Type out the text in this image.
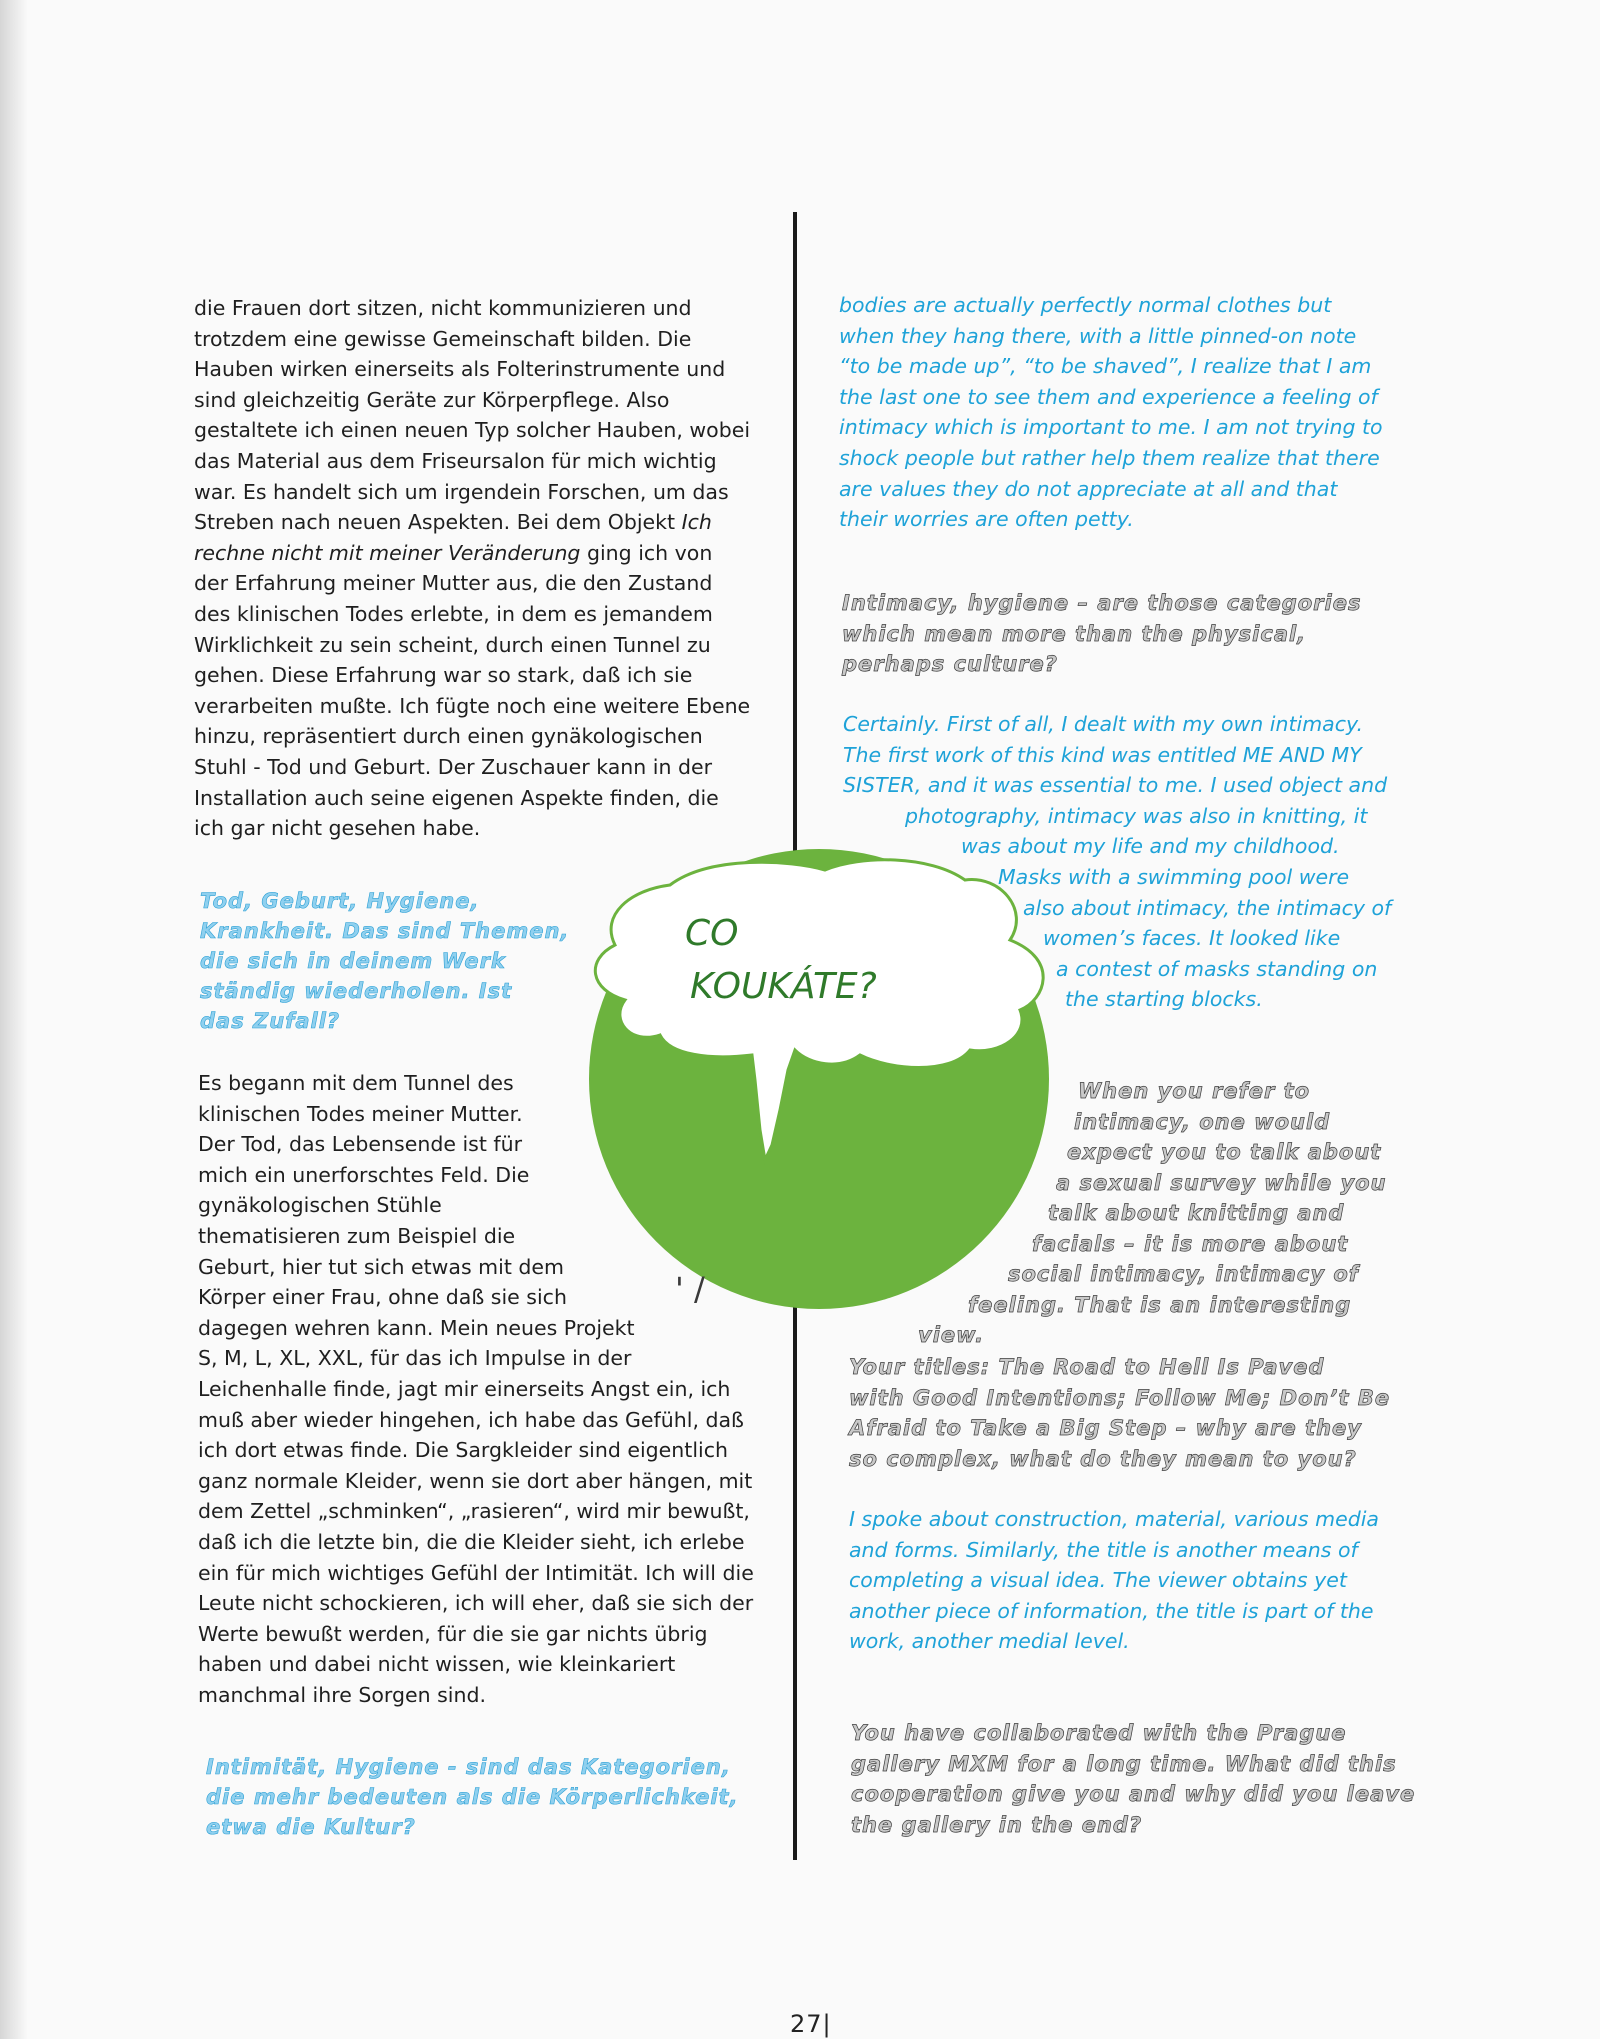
die Frauen dort sitzen, nicht kommunizieren und
trotzdem eine gewisse Gemeinschaft bilden. Die
Hauben wirken einerseits als Folterinstrumente und
sind gleichzeitig Geräte zur Körperpflege. Also
gestaltete ich einen neuen Typ solcher Hauben, wobei
das Material aus dem Friseursalon für mich wichtig
war. Es handelt sich um irgendein Forschen, um das
Streben nach neuen Aspekten. Bei dem Objekt Ich
rechne nicht mit meiner Veränderung ging ich von
der Erfahrung meiner Mutter aus, die den Zustand
des klinischen Todes erlebte, in dem es jemandem
Wirklichkeit zu sein scheint, durch einen Tunnel zu
gehen. Diese Erfahrung war so stark, daß ich sie
verarbeiten mußte. Ich fügte noch eine weitere Ebene
hinzu, repräsentiert durch einen gynäkologischen
Stuhl - Tod und Geburt. Der Zuschauer kann in der
Installation auch seine eigenen Aspekte finden, die
ich gar nicht gesehen habe.
Tod, Geburt, Hygiene,
Krankheit. Das sind Themen,
die sich in deinem Werk
ständig wiederholen. Ist
das Zufall?
Es begann mit dem Tunnel des
klinischen Todes meiner Mutter.
Der Tod, das Lebensende ist für
mich ein unerforschtes Feld. Die
gynäkologischen Stühle
thematisieren zum Beispiel die
Geburt, hier tut sich etwas mit dem
Körper einer Frau, ohne daß sie sich
dagegen wehren kann. Mein neues Projekt
S, M, L, XL, XXL, für das ich Impulse in der
Leichenhalle finde, jagt mir einerseits Angst ein, ich
muß aber wieder hingehen, ich habe das Gefühl, daß
ich dort etwas finde. Die Sargkleider sind eigentlich
ganz normale Kleider, wenn sie dort aber hängen, mit
dem Zettel „schminken“, „rasieren“, wird mir bewußt,
daß ich die letzte bin, die die Kleider sieht, ich erlebe
ein für mich wichtiges Gefühl der Intimität. Ich will die
Leute nicht schockieren, ich will eher, daß sie sich der
Werte bewußt werden, für die sie gar nichts übrig
haben und dabei nicht wissen, wie kleinkariert
manchmal ihre Sorgen sind.
Intimität, Hygiene - sind das Kategorien,
die mehr bedeuten als die Körperlichkeit,
etwa die Kultur?
CO
KOUKÁTE?
' /
bodies are actually perfectly normal clothes but
when they hang there, with a little pinned-on note
“to be made up”, “to be shaved”, I realize that I am
the last one to see them and experience a feeling of
intimacy which is important to me. I am not trying to
shock people but rather help them realize that there
are values they do not appreciate at all and that
their worries are often petty.
Intimacy, hygiene – are those categories
which mean more than the physical,
perhaps culture?
Certainly. First of all, I dealt with my own intimacy.
The first work of this kind was entitled ME AND MY
SISTER, and it was essential to me. I used object and
photography, intimacy was also in knitting, it
was about my life and my childhood.
Masks with a swimming pool were
also about intimacy, the intimacy of
women’s faces. It looked like
a contest of masks standing on
the starting blocks.
When you refer to
intimacy, one would
expect you to talk about
a sexual survey while you
talk about knitting and
facials – it is more about
social intimacy, intimacy of
feeling. That is an interesting
view.
Your titles: The Road to Hell Is Paved
with Good Intentions; Follow Me; Don’t Be
Afraid to Take a Big Step – why are they
so complex, what do they mean to you?
I spoke about construction, material, various media
and forms. Similarly, the title is another means of
completing a visual idea. The viewer obtains yet
another piece of information, the title is part of the
work, another medial level.
You have collaborated with the Prague
gallery MXM for a long time. What did this
cooperation give you and why did you leave
the gallery in the end?
27|
